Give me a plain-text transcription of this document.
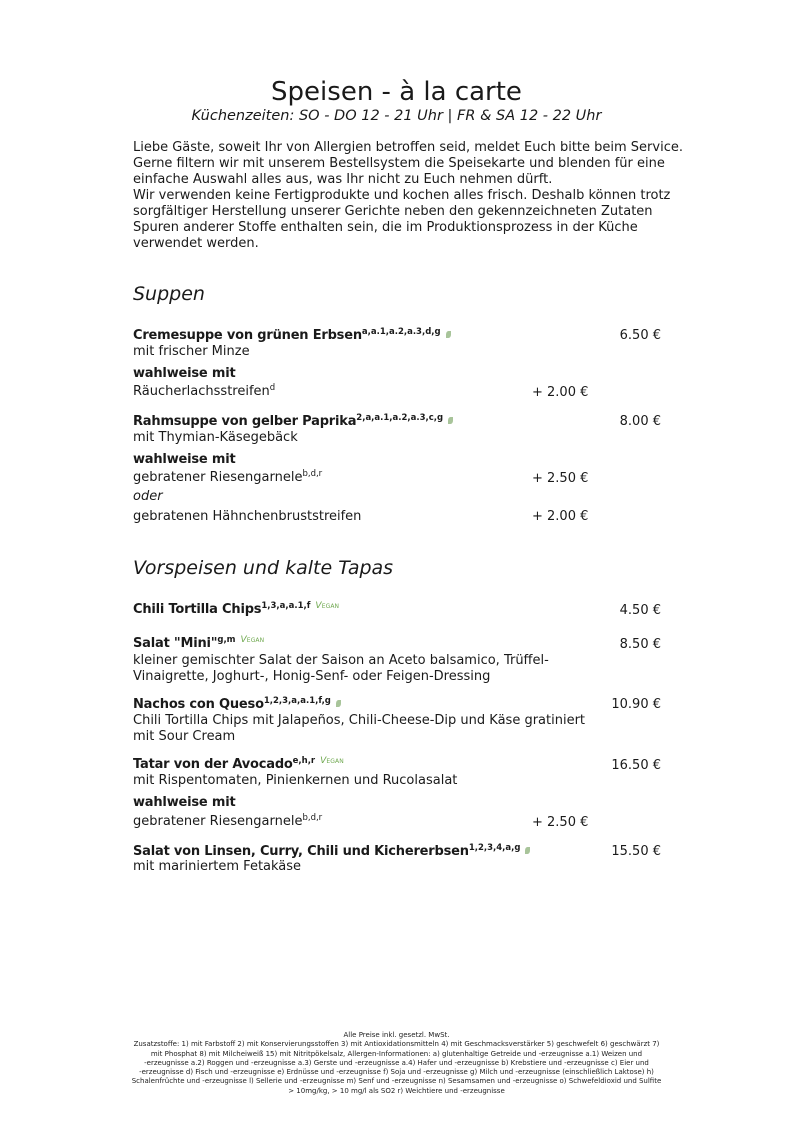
Speisen - à la carte
Küchenzeiten: SO - DO 12 - 21 Uhr | FR & SA 12 - 22 Uhr
Liebe Gäste, soweit Ihr von Allergien betroffen seid, meldet Euch bitte beim Service.
Gerne filtern wir mit unserem Bestellsystem die Speisekarte und blenden für eine
einfache Auswahl alles aus, was Ihr nicht zu Euch nehmen dürft.
Wir verwenden keine Fertigprodukte und kochen alles frisch. Deshalb können trotz
sorgfältiger Herstellung unserer Gerichte neben den gekennzeichneten Zutaten
Spuren anderer Stoffe enthalten sein, die im Produktionsprozess in der Küche
verwendet werden.
Suppen
Cremesuppe von grünen Erbsen$^{a,a.1,a.2,a.3,d,g}$	6.50 €
mit frischer Minze
wahlweise mit
Räucherlachsstreifen$^d$	+ 2.00 €
Rahmsuppe von gelber Paprika$^{2,a,a.1,a.2,a.3,c,g}$	8.00 €
mit Thymian-Käsegebäck
wahlweise mit
gebratener Riesengarnele$^{b,d,r}$	+ 2.50 €
oder
gebratenen Hähnchenbruststreifen	+ 2.00 €
Vorspeisen und kalte Tapas
Chili Tortilla Chips$^{1,3,a,a.1,f}$ VEGAN	4.50 €
Salat "Mini"$^{g,m}$ VEGAN	8.50 €
kleiner gemischter Salat der Saison an Aceto balsamico, Trüffel-
Vinaigrette, Joghurt-, Honig-Senf- oder Feigen-Dressing
Nachos con Queso$^{1,2,3,a,a.1,f,g}$	10.90 €
Chili Tortilla Chips mit Jalapeños, Chili-Cheese-Dip und Käse gratiniert
mit Sour Cream
Tatar von der Avocado$^{e,h,r}$ VEGAN	16.50 €
mit Rispentomaten, Pinienkernen und Rucolasalat
wahlweise mit
gebratener Riesengarnele$^{b,d,r}$	+ 2.50 €
Salat von Linsen, Curry, Chili und Kichererbsen$^{1,2,3,4,a,g}$	15.50 €
mit mariniertem Fetakäse
Alle Preise inkl. gesetzl. MwSt.
Zusatzstoffe: 1) mit Farbstoff 2) mit Konservierungsstoffen 3) mit Antioxidationsmitteln 4) mit Geschmacksverstärker 5) geschwefelt 6) geschwärzt 7)
mit Phosphat 8) mit Milcheiweiß 15) mit Nitritpökelsalz, Allergen-Informationen: a) glutenhaltige Getreide und -erzeugnisse a.1) Weizen und
-erzeugnisse a.2) Roggen und -erzeugnisse a.3) Gerste und -erzeugnisse a.4) Hafer und -erzeugnisse b) Krebstiere und -erzeugnisse c) Eier und
-erzeugnisse d) Fisch und -erzeugnisse e) Erdnüsse und -erzeugnisse f) Soja und -erzeugnisse g) Milch und -erzeugnisse (einschließlich Laktose) h)
Schalenfrüchte und -erzeugnisse l) Sellerie und -erzeugnisse m) Senf und -erzeugnisse n) Sesamsamen und -erzeugnisse o) Schwefeldioxid und Sulfite
> 10mg/kg, > 10 mg/l als SO2 r) Weichtiere und -erzeugnisse
